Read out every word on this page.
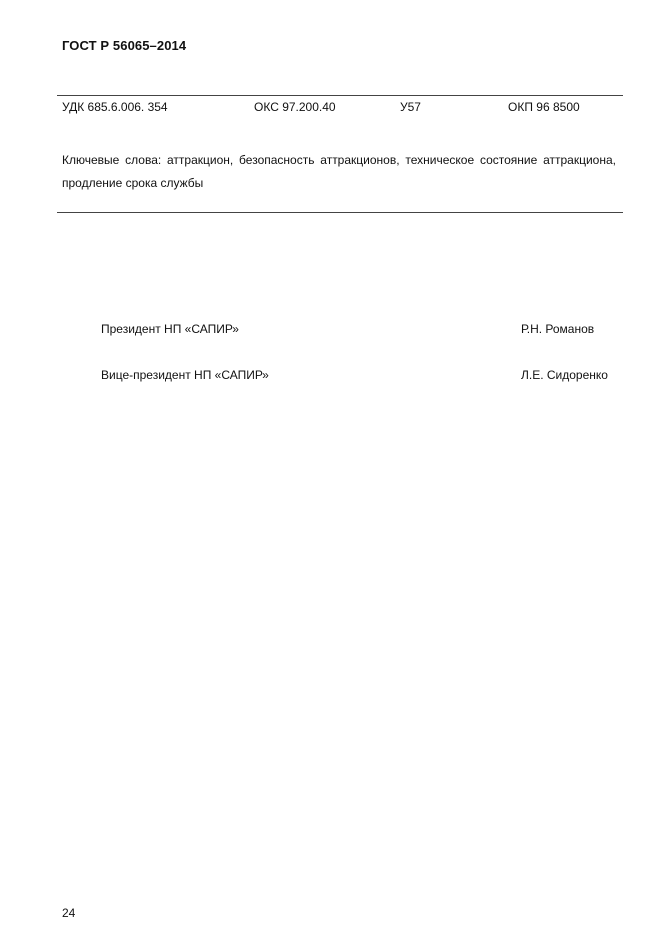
ГОСТ Р 56065–2014
УДК 685.6.006. 354	ОКС 97.200.40	У57	ОКП 96 8500

Ключевые слова: аттракцион, безопасность аттракционов, техническое состояние аттракциона, продление срока службы

Президент НП «САПИР»	Р.Н. Романов
Вице-президент НП «САПИР»	Л.Е. Сидоренко
24
